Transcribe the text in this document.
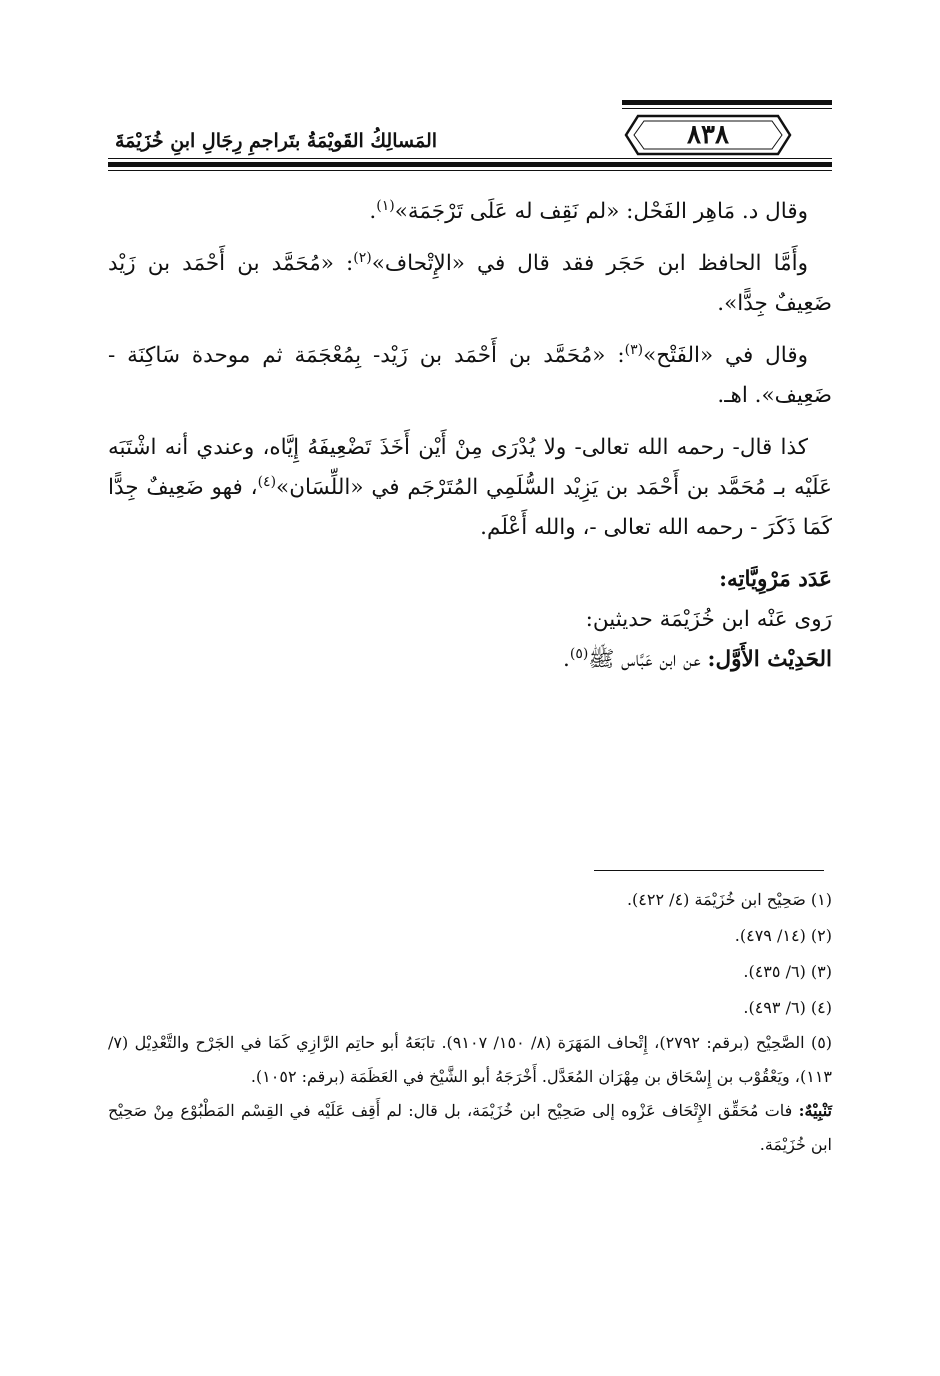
٨٣٨
المَسالِكُ القَويْمَةُ بتَراجمِ رِجَالِ ابنِ خُزَيْمَةَ

وقال د. مَاهِر الفَحْل: «لم نَقِف له عَلَى تَرْجَمَة»$^{(١)}$.

وأَمَّا الحافظ ابن حَجَر فقد قال في «الإِتْحاف»$^{(٢)}$: «مُحَمَّد بن أَحْمَد بن زَيْد ضَعِيفٌ جِدًّا».

وقال في «الفَتْح»$^{(٣)}$: «مُحَمَّد بن أَحْمَد بن زَيْد- بِمُعْجَمَة ثم موحدة سَاكِنَة - ضَعِيف». اهـ.

كذا قال- رحمه الله تعالى- ولا يُدْرَى مِنْ أَيْن أَخَذَ تَضْعِيفَهُ إِيَّاه، وعندي أنه اشْتَبَه عَلَيْه بـ مُحَمَّد بن أَحْمَد بن يَزِيْد السُّلَمِي المُتَرْجَم في «اللِّسَان»$^{(٤)}$، فهو ضَعِيفٌ جِدًّا كَمَا ذَكَرَ - رحمه الله تعالى -، والله أَعْلَم.

عَدَد مَرْوِيَّاتِه:

رَوى عَنْه ابن خُزَيْمَة حديثين:

الحَدِيْث الأَوَّل: عن ابن عَبَّاس ﷺ$^{(٥)}$.

(١) صَحِيْح ابن خُزَيْمَة (٤/ ٤٢٢).

(٢) (١٤/ ٤٧٩).

(٣) (٦/ ٤٣٥).

(٤) (٦/ ٤٩٣).

(٥) الصَّحِيْح (برقم: ٢٧٩٢)، إِتْحاف المَهَرَة (٨/ ١٥٠/ ٩١٠٧). تابَعَهُ أبو حاتِم الرَّازِي كَمَا في الجَرْح والتَّعْدِيْل (٧/ ١١٣)، ويَعْقُوْب بن إِسْحَاق بن مِهْرَان المُعَدَّل. أَخْرَجَهُ أبو الشَّيْخ في العَظَمَة (برقم: ١٠٥٢).

تَنْبِيْهٌ: فات مُحَقِّق الإِتْحَاف عَزْوه إلى صَحِيْح ابن خُزَيْمَة، بل قال: لم أَقِف عَلَيْه في القِسْم المَطْبُوْع مِنْ صَحِيْح ابن خُزَيْمَة.
